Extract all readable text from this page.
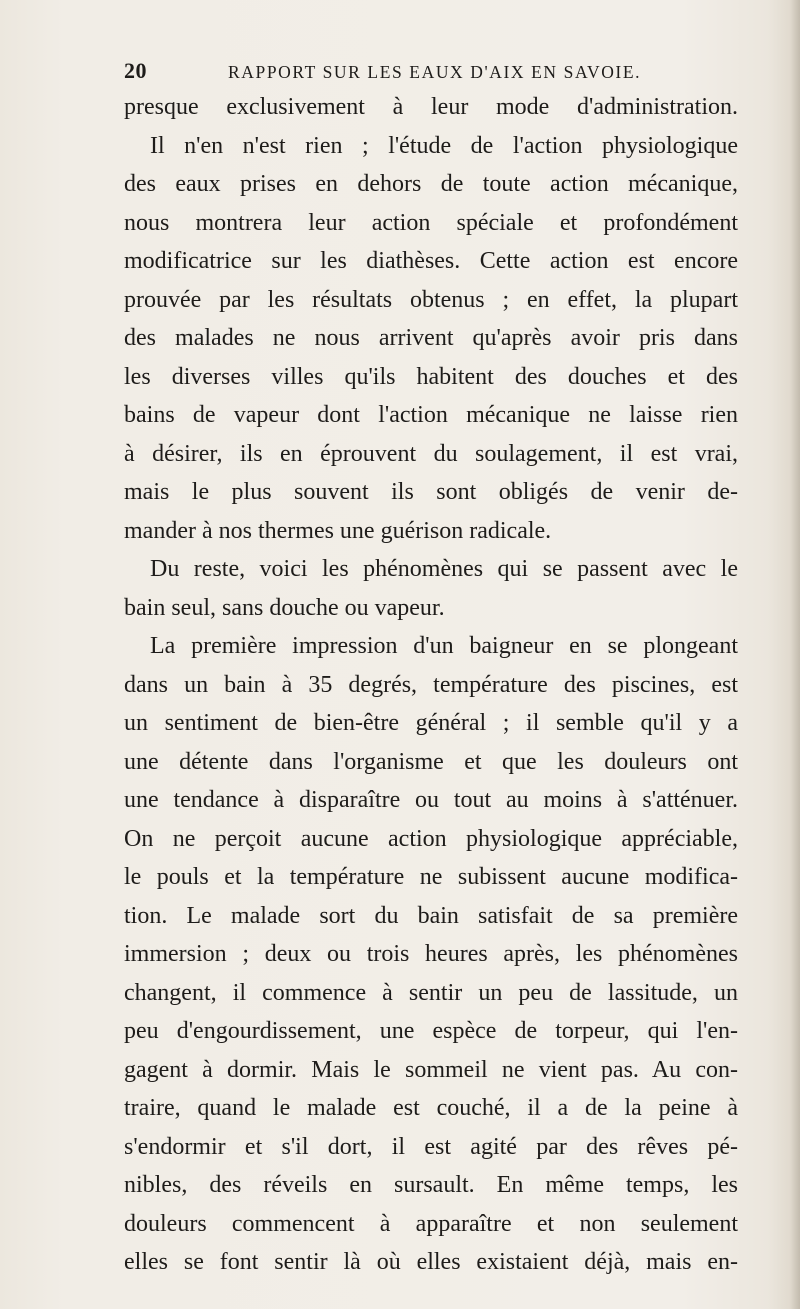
20	RAPPORT SUR LES EAUX D'AIX EN SAVOIE.
presque exclusivement à leur mode d'administration.
Il n'en n'est rien ; l'étude de l'action physiologique
des eaux prises en dehors de toute action mécanique,
nous montrera leur action spéciale et profondément
modificatrice sur les diathèses. Cette action est encore
prouvée par les résultats obtenus ; en effet, la plupart
des malades ne nous arrivent qu'après avoir pris dans
les diverses villes qu'ils habitent des douches et des
bains de vapeur dont l'action mécanique ne laisse rien
à désirer, ils en éprouvent du soulagement, il est vrai,
mais le plus souvent ils sont obligés de venir de-
mander à nos thermes une guérison radicale.
Du reste, voici les phénomènes qui se passent avec le
bain seul, sans douche ou vapeur.
La première impression d'un baigneur en se plongeant
dans un bain à 35 degrés, température des piscines, est
un sentiment de bien-être général ; il semble qu'il y a
une détente dans l'organisme et que les douleurs ont
une tendance à disparaître ou tout au moins à s'atténuer.
On ne perçoit aucune action physiologique appréciable,
le pouls et la température ne subissent aucune modifica-
tion. Le malade sort du bain satisfait de sa première
immersion ; deux ou trois heures après, les phénomènes
changent, il commence à sentir un peu de lassitude, un
peu d'engourdissement, une espèce de torpeur, qui l'en-
gagent à dormir. Mais le sommeil ne vient pas. Au con-
traire, quand le malade est couché, il a de la peine à
s'endormir et s'il dort, il est agité par des rêves pé-
nibles, des réveils en sursault. En même temps, les
douleurs commencent à apparaître et non seulement
elles se font sentir là où elles existaient déjà, mais en-
